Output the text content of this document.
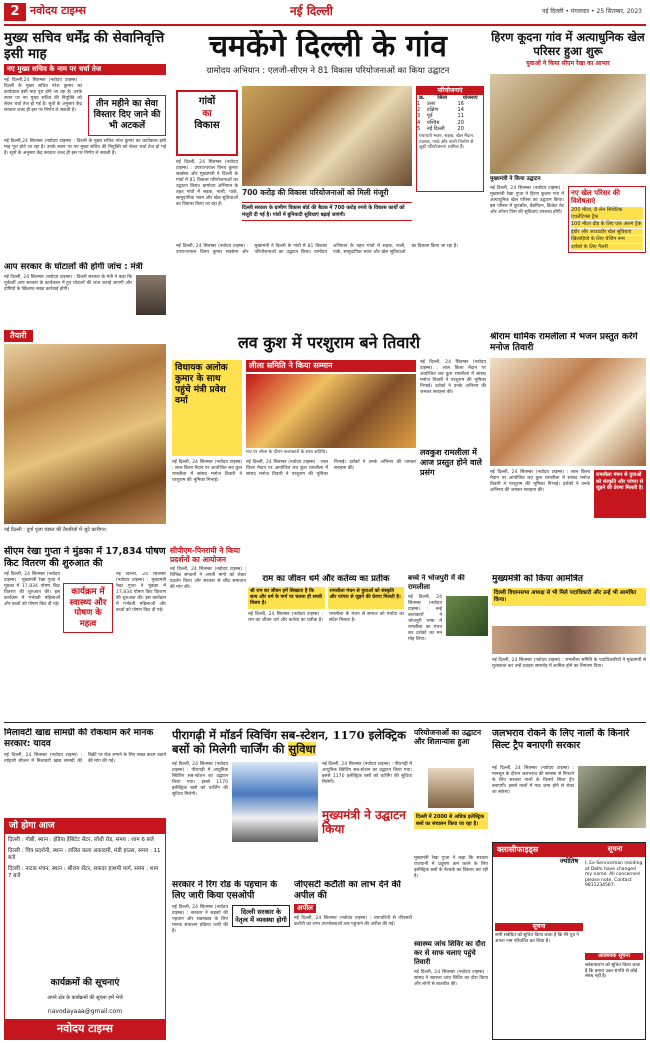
2 नवोदय टाइम्स	नई दिल्ली	नई दिल्ली • मंगलवार • 25 सितम्बर, 2023
मुख्य सचिव धर्मेंद्र की सेवानिवृत्ति इसी माह
नए मुख्य सचिव के नाम पर चर्चा तेज
नई दिल्ली,24 सितम्बर (नवोदय टाइम्स) : दिल्ली के मुख्य सचिव नरेश कुमार का कार्यकाल इसी माह पूरा होने जा रहा है। उनके स्थान पर नए मुख्य सचिव की नियुक्ति को लेकर चर्चा तेज हो गई है। सूत्रों के अनुसार केंद्र सरकार जल्द ही इस पर निर्णय ले सकती है।
तीन महीने का सेवा विस्तार दिए जाने की भी अटकलें
नई दिल्ली,24 सितम्बर (नवोदय टाइम्स) : दिल्ली के मुख्य सचिव नरेश कुमार का कार्यकाल इसी माह पूरा होने जा रहा है। उनके स्थान पर नए मुख्य सचिव की नियुक्ति को लेकर चर्चा तेज हो गई है। सूत्रों के अनुसार केंद्र सरकार जल्द ही इस पर निर्णय ले सकती है।
आप सरकार के घोटालों की होगी जांच : मंत्री
नई दिल्ली, 24 सितम्बर (नवोदय टाइम्स) : दिल्ली सरकार के मंत्री ने कहा कि पूर्ववर्ती आप सरकार के कार्यकाल में हुए घोटालों की जांच कराई जाएगी और दोषियों के खिलाफ सख्त कार्रवाई होगी।
चमकेंगे दिल्ली के गांव
ग्रामोदय अभियान : एलजी-सीएम ने 81 विकास परियोजनाओं का किया उद्घाटन
गांवों
का
विकास
700 करोड़ की विकास परियोजनाओं को मिली मंजूरी
परियोजनाएं
क्र.	जिला	योजनाएं
1	उत्तर	16
2	दक्षिण	14
3	पूर्व	11
4	पश्चिम	20
5	नई दिल्ली	20
पंचायती भवन, सड़क, खेल मैदान, तालाब, पार्क और नाली निर्माण से जुड़ी परियोजनाएं शामिल हैं।
नई दिल्ली, 24 सितम्बर (नवोदय टाइम्स) : उपराज्यपाल विनय कुमार सक्सेना और मुख्यमंत्री ने दिल्ली के गांवों में 81 विकास परियोजनाओं का उद्घाटन किया। ग्रामोदय अभियान के तहत गांवों में सड़क, नाली, पार्क, सामुदायिक भवन और खेल सुविधाओं का विकास किया जा रहा है।
दिल्ली सरकार के ग्रामीण विकास बोर्ड की बैठक में 700 करोड़ रुपये के विकास कार्यों को मंजूरी दी गई है। गांवों में बुनियादी सुविधाएं बढ़ाई जाएंगी।
नई दिल्ली, 24 सितम्बर (नवोदय टाइम्स) : उपराज्यपाल विनय कुमार सक्सेना और मुख्यमंत्री ने दिल्ली के गांवों में 81 विकास परियोजनाओं का उद्घाटन किया। ग्रामोदय अभियान के तहत गांवों में सड़क, नाली, पार्क, सामुदायिक भवन और खेल सुविधाओं का विकास किया जा रहा है।
हिरण कूदना गांव में अत्याधुनिक खेल परिसर हुआ शुरू
युवाओं ने किया सीएम रेखा का आभार
मुख्यमंत्री ने किया उद्घाटन
नई दिल्ली, 24 सितम्बर (नवोदय टाइम्स) : मुख्यमंत्री रेखा गुप्ता ने हिरण कूदना गांव में अत्याधुनिक खेल परिसर का उद्घाटन किया। इस परिसर में फुटबॉल, बैडमिंटन, क्रिकेट नेट और ओपन जिम की सुविधाएं उपलब्ध होंगी।
नए खेल परिसर की विशेषताएं
200 मीटर, 8-लेन सिंथेटिक एथलेटिक्स ट्रैक
100 मीटर दौड़ के लिए एक अलग ट्रैक
इंडोर और आउटडोर खेल सुविधाएं
खिलाड़ियों के लिए चेंजिंग रूम
दर्शकों के लिए गैलरी
तैयारी
नई दिल्ली : दुर्गा पूजा पंडाल की तैयारियों में जुटे कारीगर।
श्रीराम धार्मिक रामलीला में भजन प्रस्तुत करेंगे मनोज तिवारी
लव कुश में परशुराम बने तिवारी
विधायक अलोक कुमार के साथ पहुंचे मंत्री प्रवेश वर्मा
लीला समिति ने किया सम्मान
मंच पर लीला के दौरान कलाकारों के साथ अतिथि।
नई दिल्ली, 24 सितम्बर (नवोदय टाइम्स) : लाल किला मैदान पर आयोजित लव कुश रामलीला में सांसद मनोज तिवारी ने परशुराम की भूमिका निभाई।
नई दिल्ली, 24 सितम्बर (नवोदय टाइम्स) : लाल किला मैदान पर आयोजित लव कुश रामलीला में सांसद मनोज तिवारी ने परशुराम की भूमिका निभाई। दर्शकों ने उनके अभिनय की जमकर सराहना की।
नई दिल्ली, 24 सितम्बर (नवोदय टाइम्स) : लाल किला मैदान पर आयोजित लव कुश रामलीला में सांसद मनोज तिवारी ने परशुराम की भूमिका निभाई। दर्शकों ने उनके अभिनय की जमकर सराहना की।
लवकुश रामलीला में आज प्रस्तुत होने वाले प्रसंग	नई दिल्ली, 24 सितम्बर (नवोदय टाइम्स) : लाल किला मैदान पर आयोजित लव कुश रामलीला में सांसद मनोज तिवारी ने परशुराम की भूमिका निभाई। दर्शकों ने उनके अभिनय की जमकर सराहना की।
रामलीला मंचन से युवाओं को संस्कृति और परंपरा से जुड़ने की प्रेरणा मिलती है।
राम का जीवन धर्म और कर्तव्य का प्रतीक
श्री राम का जीवन हमें सिखाता है कि सत्य और धर्म के मार्ग पर चलना ही सच्ची विजय है।
रामलीला मंचन से युवाओं को संस्कृति और परंपरा से जुड़ने की प्रेरणा मिलती है।
नई दिल्ली, 24 सितम्बर (नवोदय टाइम्स) : राम का जीवन धर्म और कर्तव्य का प्रतीक है। रामलीला के मंचन से समाज को मर्यादा का संदेश मिलता है।
बच्चे ने भोजपुरी में की रामलीला
नई दिल्ली, 24 सितम्बर (नवोदय टाइम्स) : नन्हे कलाकारों ने भोजपुरी भाषा में रामलीला का मंचन कर दर्शकों का मन मोह लिया।
मुख्यमंत्री को किया आमंत्रित
दिल्ली विधानसभा अध्यक्ष से भी मिले पदाधिकारी और उन्हें भी आमंत्रित किया।
नई दिल्ली, 24 सितम्बर (नवोदय टाइम्स) : रामलीला समिति के पदाधिकारियों ने मुख्यमंत्री से मुलाकात कर उन्हें दशहरा समारोह में शामिल होने का निमंत्रण दिया।
सीएम रेखा गुप्ता ने मुंडका में 17,834 पोषण किट वितरण की शुरुआत की
नई दिल्ली, 24 सितम्बर (नवोदय टाइम्स) : मुख्यमंत्री रेखा गुप्ता ने मुंडका में 17,834 पोषण किट वितरण की शुरुआत की। इस कार्यक्रम में गर्भवती महिलाओं और बच्चों को पोषण किट दी गई।
कार्यक्रम में स्वास्थ्य और पोषण के महत्व
नई दिल्ली, 24 सितम्बर (नवोदय टाइम्स) : मुख्यमंत्री रेखा गुप्ता ने मुंडका में 17,834 पोषण किट वितरण की शुरुआत की। इस कार्यक्रम में गर्भवती महिलाओं और बच्चों को पोषण किट दी गई।
सीपीएम-पिनरायी ने किया प्रदर्शनों का आयोजन
नई दिल्ली, 24 सितम्बर (नवोदय टाइम्स) : विभिन्न संगठनों ने अपनी मांगों को लेकर प्रदर्शन किया और सरकार से शीघ्र समाधान की मांग की।
मिलावटी खाद्य सामग्री की रोकथाम करें मानक सरकार: यादव
नई दिल्ली, 24 सितम्बर (नवोदय टाइम्स) : त्योहारी सीजन में मिलावटी खाद्य सामग्री की बिक्री पर रोक लगाने के लिए सख्त कदम उठाने की मांग की गई।
जो होगा आज
दिल्ली : गोष्ठी, स्थान : इंडिया हैबिटेट सेंटर, लोधी रोड, समय : शाम 6 बजे
दिल्ली : चित्र प्रदर्शनी, स्थान : ललित कला अकादमी, मंडी हाउस, समय : 11 बजे
दिल्ली : नाटक मंचन, स्थान : श्रीराम सेंटर, सफदर हाशमी मार्ग, समय : शाम 7 बजे
कार्यक्रमों की सूचनाएं
अपने क्षेत्र के कार्यक्रमों की सूचना हमें भेजें
navodayaaa@gmail.com
नवोदय टाइम्स
पीरागढ़ी में मॉडर्न स्विचिंग सब-स्टेशन, 1170 इलेक्ट्रिक बसों को मिलेगी चार्जिंग की सुविधा
नई दिल्ली, 24 सितम्बर (नवोदय टाइम्स) : पीरागढ़ी में आधुनिक स्विचिंग सब-स्टेशन का उद्घाटन किया गया। इससे 1170 इलेक्ट्रिक बसों को चार्जिंग की सुविधा मिलेगी।
मुख्यमंत्री ने उद्घाटन किया
नई दिल्ली, 24 सितम्बर (नवोदय टाइम्स) : पीरागढ़ी में आधुनिक स्विचिंग सब-स्टेशन का उद्घाटन किया गया। इससे 1170 इलेक्ट्रिक बसों को चार्जिंग की सुविधा मिलेगी।
परियोजनाओं का उद्घाटन और शिलान्यास हुआ
दिल्ली में 2000 से अधिक इलेक्ट्रिक बसों का संचालन किया जा रहा है।
मुख्यमंत्री रेखा गुप्ता ने कहा कि सरकार राजधानी में प्रदूषण कम करने के लिए इलेक्ट्रिक बसों के नेटवर्क का विस्तार कर रही है।
जलभराव रोकने के लिए नालों के किनारे सिल्ट ट्रैप बनाएगी सरकार
नई दिल्ली, 24 सितम्बर (नवोदय टाइम्स) : मानसून के दौरान जलभराव की समस्या से निपटने के लिए सरकार नालों के किनारे सिल्ट ट्रैप बनाएगी। इससे नालों में गाद जमा होने से रोका जा सकेगा।
सरकार ने रिंग रोड के पहचान के लिए जारी किया एसओपी
नई दिल्ली, 24 सितम्बर (नवोदय टाइम्स) : सरकार ने सड़कों की पहचान और रखरखाव के लिए मानक संचालन प्रक्रिया जारी की है।
दिल्ली सरकार के नेतृत्व में व्यवस्था होगी
जीएसटी कटौती का लाभ देने की अपील की
अपील
नई दिल्ली, 24 सितम्बर (नवोदय टाइम्स) : व्यापारियों से जीएसटी कटौती का लाभ उपभोक्ताओं तक पहुंचाने की अपील की गई।
स्वास्थ्य जांच शिविर का दौरा कर से साफ चलाए पहुंचे तिवारी
नई दिल्ली, 24 सितम्बर (नवोदय टाइम्स) : सांसद ने स्वास्थ्य जांच शिविर का दौरा किया और लोगों से बातचीत की।
क्लासीफाइड्स	सूचना
ज्योतिष	I, Ex-Serviceman residing at Delhi have changed my name. All concerned please note. Contact 9811234567.
सूचना
सभी संबंधित को सूचित किया जाता है कि मेरे पुत्र ने अपना नाम परिवर्तित कर लिया है।
आवश्यक सूचना
सर्वसाधारण को सूचित किया जाता है कि हमारा उक्त संपत्ति से कोई संबंध नहीं है।
